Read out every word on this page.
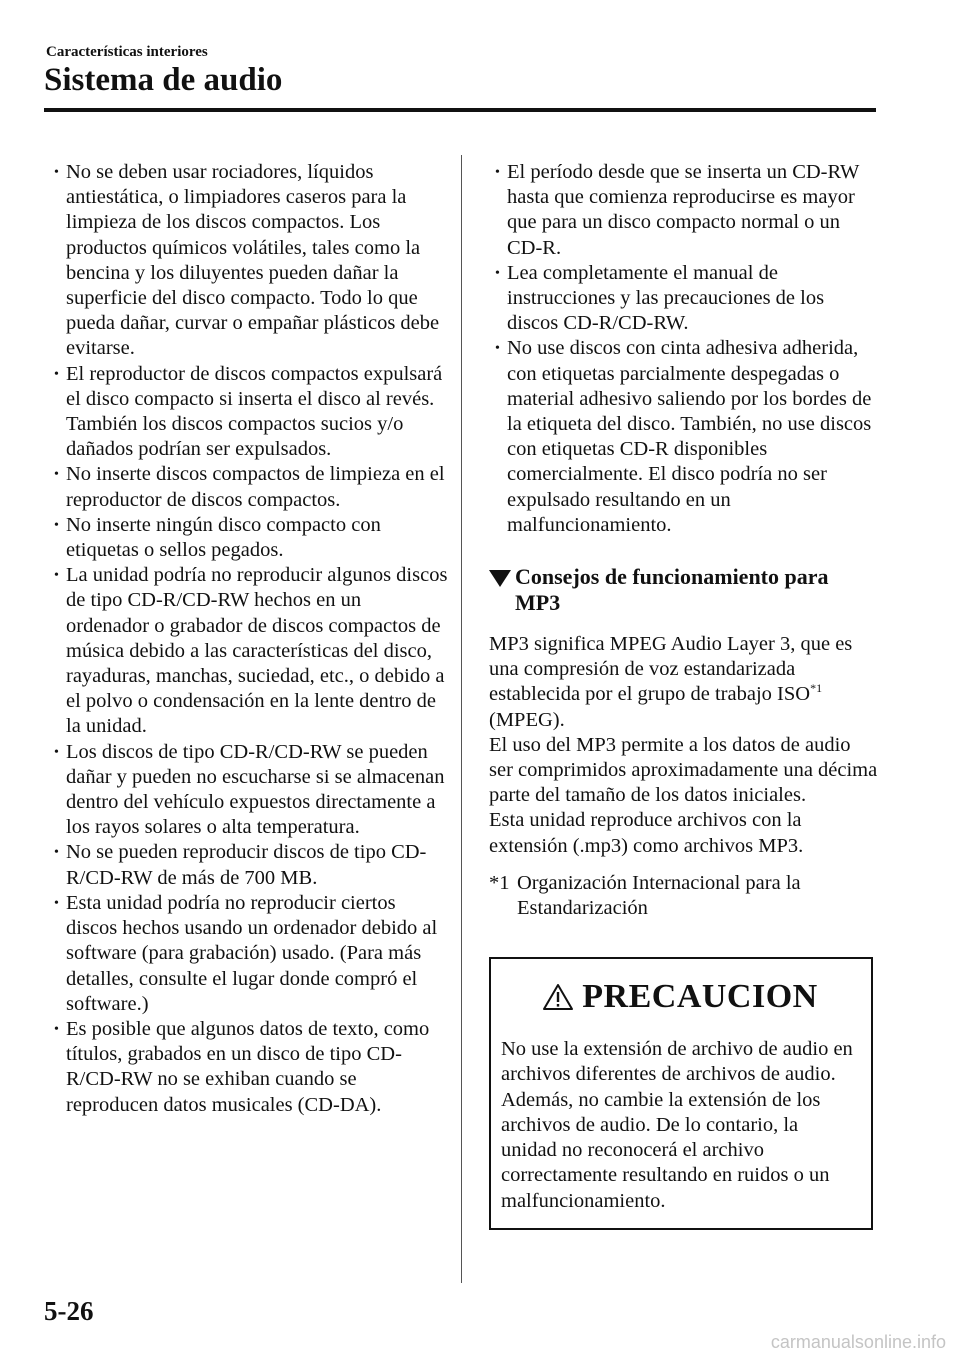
Características interiores
Sistema de audio
• No se deben usar rociadores, líquidos antiestática, o limpiadores caseros para la limpieza de los discos compactos. Los productos químicos volátiles, tales como la bencina y los diluyentes pueden dañar la superficie del disco compacto. Todo lo que pueda dañar, curvar o empañar plásticos debe evitarse.
• El reproductor de discos compactos expulsará el disco compacto si inserta el disco al revés. También los discos compactos sucios y/o dañados podrían ser expulsados.
• No inserte discos compactos de limpieza en el reproductor de discos compactos.
• No inserte ningún disco compacto con etiquetas o sellos pegados.
• La unidad podría no reproducir algunos discos de tipo CD-R/CD-RW hechos en un ordenador o grabador de discos compactos de música debido a las características del disco, rayaduras, manchas, suciedad, etc., o debido a el polvo o condensación en la lente dentro de la unidad.
• Los discos de tipo CD-R/CD-RW se pueden dañar y pueden no escucharse si se almacenan dentro del vehículo expuestos directamente a los rayos solares o alta temperatura.
• No se pueden reproducir discos de tipo CD-R/CD-RW de más de 700 MB.
• Esta unidad podría no reproducir ciertos discos hechos usando un ordenador debido al software (para grabación) usado. (Para más detalles, consulte el lugar donde compró el software.)
• Es posible que algunos datos de texto, como títulos, grabados en un disco de tipo CD-R/CD-RW no se exhiban cuando se reproducen datos musicales (CD-DA).
• El período desde que se inserta un CD-RW hasta que comienza reproducirse es mayor que para un disco compacto normal o un CD-R.
• Lea completamente el manual de instrucciones y las precauciones de los discos CD-R/CD-RW.
• No use discos con cinta adhesiva adherida, con etiquetas parcialmente despegadas o material adhesivo saliendo por los bordes de la etiqueta del disco. También, no use discos con etiquetas CD-R disponibles comercialmente. El disco podría no ser expulsado resultando en un malfuncionamiento.
Consejos de funcionamiento para MP3

MP3 significa MPEG Audio Layer 3, que es una compresión de voz estandarizada establecida por el grupo de trabajo ISO$^{*1}$
(MPEG).

El uso del MP3 permite a los datos de audio ser comprimidos aproximadamente una décima parte del tamaño de los datos iniciales.

Esta unidad reproduce archivos con la extensión (.mp3) como archivos MP3.

*1 Organización Internacional para la Estandarización
PRECAUCION
No use la extensión de archivo de audio en archivos diferentes de archivos de audio. Además, no cambie la extensión de los archivos de audio. De lo contario, la unidad no reconocerá el archivo correctamente resultando en ruidos o un malfuncionamiento.
5-26
carmanualsonline.info
